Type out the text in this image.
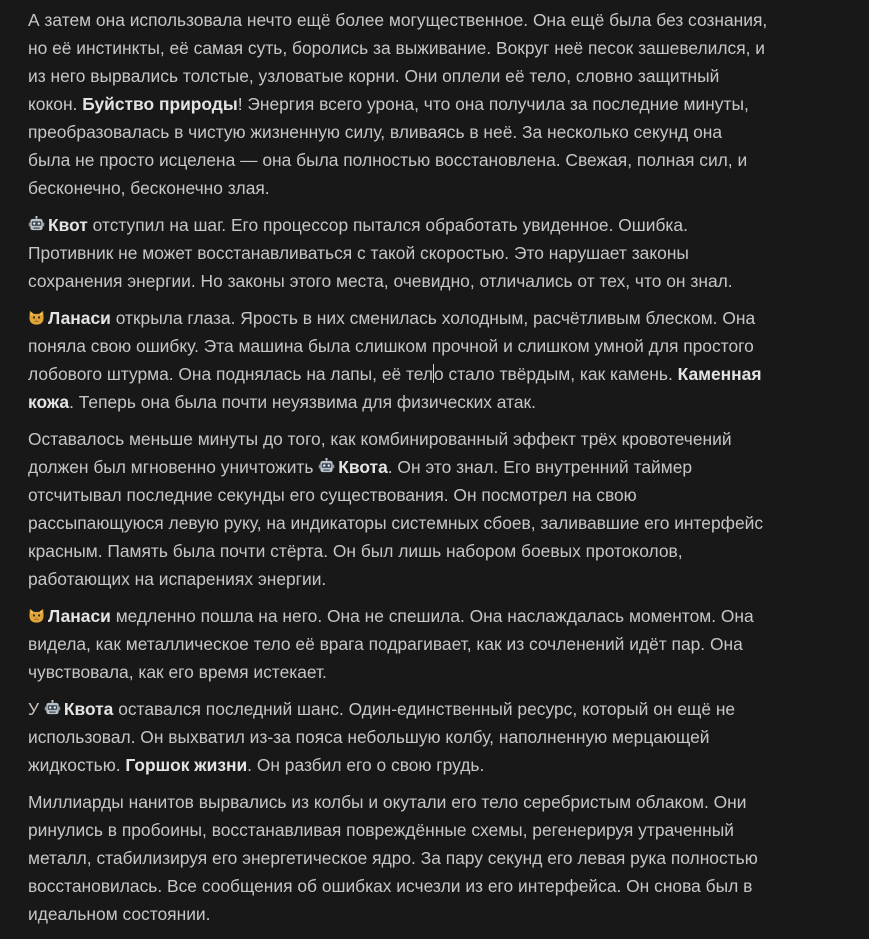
А затем она использовала нечто ещё более могущественное. Она ещё была без сознания, но её инстинкты, её самая суть, боролись за выживание. Вокруг неё песок зашевелился, и из него вырвались толстые, узловатые корни. Они оплели её тело, словно защитный кокон. Буйство природы! Энергия всего урона, что она получила за последние минуты, преобразовалась в чистую жизненную силу, вливаясь в неё. За несколько секунд она была не просто исцелена — она была полностью восстановлена. Свежая, полная сил, и бесконечно, бесконечно злая.

Квот отступил на шаг. Его процессор пытался обработать увиденное. Ошибка. Противник не может восстанавливаться с такой скоростью. Это нарушает законы сохранения энергии. Но законы этого места, очевидно, отличались от тех, что он знал.

Ланаси открыла глаза. Ярость в них сменилась холодным, расчётливым блеском. Она поняла свою ошибку. Эта машина была слишком прочной и слишком умной для простого лобового штурма. Она поднялась на лапы, её тело стало твёрдым, как камень. Каменная кожа. Теперь она была почти неуязвима для физических атак.

Оставалось меньше минуты до того, как комбинированный эффект трёх кровотечений должен был мгновенно уничтожить
Квота. Он это знал. Его внутренний таймер отсчитывал последние секунды его существования. Он посмотрел на свою рассыпающуюся левую руку, на индикаторы системных сбоев, заливавшие его интерфейс красным. Память была почти стёрта. Он был лишь набором боевых протоколов, работающих на испарениях энергии.

Ланаси медленно пошла на него. Она не спешила. Она наслаждалась моментом. Она видела, как металлическое тело её врага подрагивает, как из сочленений идёт пар. Она чувствовала, как его время истекает.

У
Квота оставался последний шанс. Один-единственный ресурс, который он ещё не использовал. Он выхватил из-за пояса небольшую колбу, наполненную мерцающей жидкостью. Горшок жизни. Он разбил его о свою грудь.

Миллиарды нанитов вырвались из колбы и окутали его тело серебристым облаком. Они ринулись в пробоины, восстанавливая повреждённые схемы, регенерируя утраченный металл, стабилизируя его энергетическое ядро. За пару секунд его левая рука полностью восстановилась. Все сообщения об ошибках исчезли из его интерфейса. Он снова был в идеальном состоянии.
